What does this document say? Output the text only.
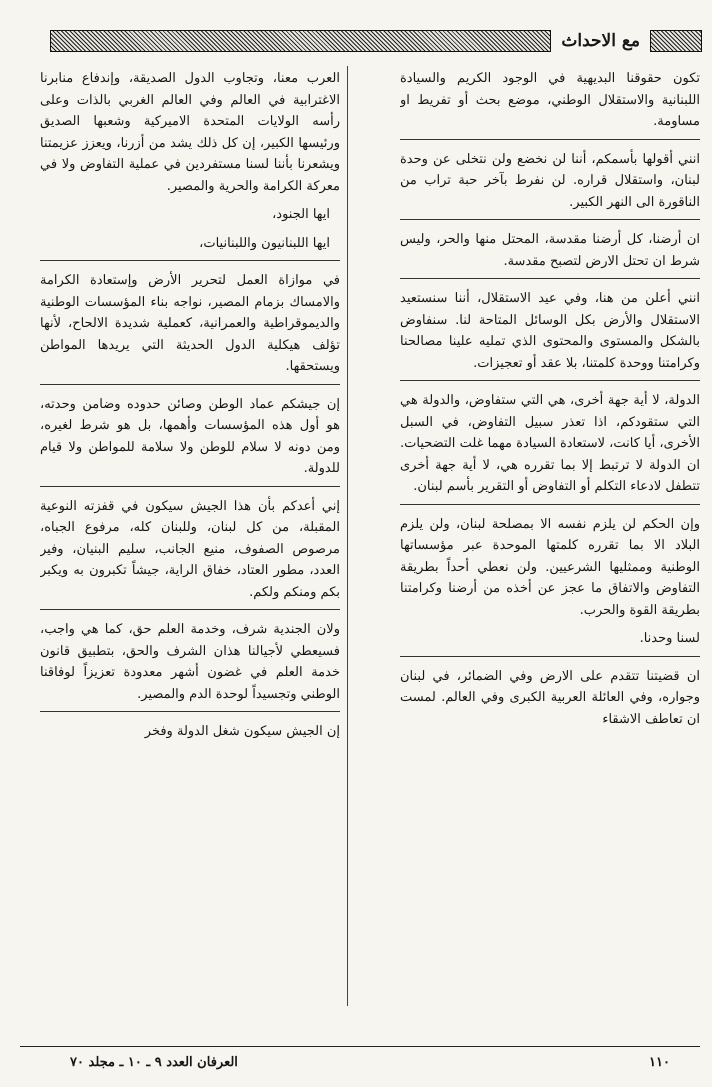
مع الاحداث

تكون حقوقنا البديهية في الوجود الكريم والسيادة اللبنانية والاستقلال الوطني، موضع بحث أو تفريط او مساومة.

انني أقولها بأسمكم، أننا لن نخضع ولن نتخلى عن وحدة لبنان، واستقلال قراره. لن نفرط بآخر حبة تراب من الناقورة الى النهر الكبير.

ان أرضنا، كل أرضنا مقدسة، المحتل منها والحر، وليس شرط ان تحتل الارض لتصبح مقدسة.

انني أعلن من هنا، وفي عيد الاستقلال، أننا سنستعيد الاستقلال والأرض بكل الوسائل المتاحة لنا. سنفاوض بالشكل والمستوى والمحتوى الذي تمليه علينا مصالحنا وكرامتنا ووحدة كلمتنا، بلا عقد أو تعجيزات.

الدولة، لا أية جهة أخرى، هي التي ستفاوض، والدولة هي التي ستقودكم، اذا تعذر سبيل التفاوض، في السبل الأخرى، أيا كانت، لاستعادة السيادة مهما غلت التضحيات. ان الدولة لا ترتبط إلا بما تقرره هي، لا أية جهة أخرى تتطفل لادعاء التكلم أو التفاوض أو التقرير بأسم لبنان.

وإن الحكم لن يلزم نفسه الا بمصلحة لبنان، ولن يلزم البلاد الا بما تقرره كلمتها الموحدة عبر مؤسساتها الوطنية وممثليها الشرعيين. ولن نعطي أحداً بطريقة التفاوض والاتفاق ما عجز عن أخذه من أرضنا وكرامتنا بطريقة القوة والحرب.

لسنا وحدنا.

ان قضيتنا تتقدم على الارض وفي الضمائر، في لبنان وجواره، وفي العائلة العربية الكبرى وفي العالم. لمست ان تعاطف الاشقاء

العرب معنا، وتجاوب الدول الصديقة، وإندفاع منابرنا الاغترابية في العالم وفي العالم الغربي بالذات وعلى رأسه الولايات المتحدة الاميركية وشعبها الصديق ورئيسها الكبير، إن كل ذلك يشد من أزرنا، ويعزز عزيمتنا ويشعرنا بأننا لسنا مستفردين في عملية التفاوض ولا في معركة الكرامة والحرية والمصير.

ايها الجنود،

ايها اللبنانيون واللبنانيات،

في موازاة العمل لتحرير الأرض وإستعادة الكرامة والامساك بزمام المصير، نواجه بناء المؤسسات الوطنية والديموقراطية والعمرانية، كعملية شديدة الالحاح، لأنها تؤلف هيكلية الدول الحديثة التي يريدها المواطن ويستحقها.

إن جيشكم عماد الوطن وصائن حدوده وضامن وحدته، هو أول هذه المؤسسات وأهمها، بل هو شرط لغيره، ومن دونه لا سلام للوطن ولا سلامة للمواطن ولا قيام للدولة.

إني أعدكم بأن هذا الجيش سيكون في قفزته النوعية المقبلة، من كل لبنان، وللبنان كله، مرفوع الجباه، مرصوص الصفوف، منيع الجانب، سليم البنيان، وفير العدد، مطور العتاد، خفاق الراية، جيشاً تكبرون به ويكبر بكم ومنكم ولكم.

ولان الجندية شرف، وخدمة العلم حق، كما هي واجب، فسيعطي لأجيالنا هذان الشرف والحق، بتطبيق قانون خدمة العلم في غضون أشهر معدودة تعزيزاً لوفاقنا الوطني وتجسيداً لوحدة الدم والمصير.

إن الجيش سيكون شغل الدولة وفخر

العرفان العدد ٩ ـ ١٠ ـ مجلد ٧٠	١١٠
